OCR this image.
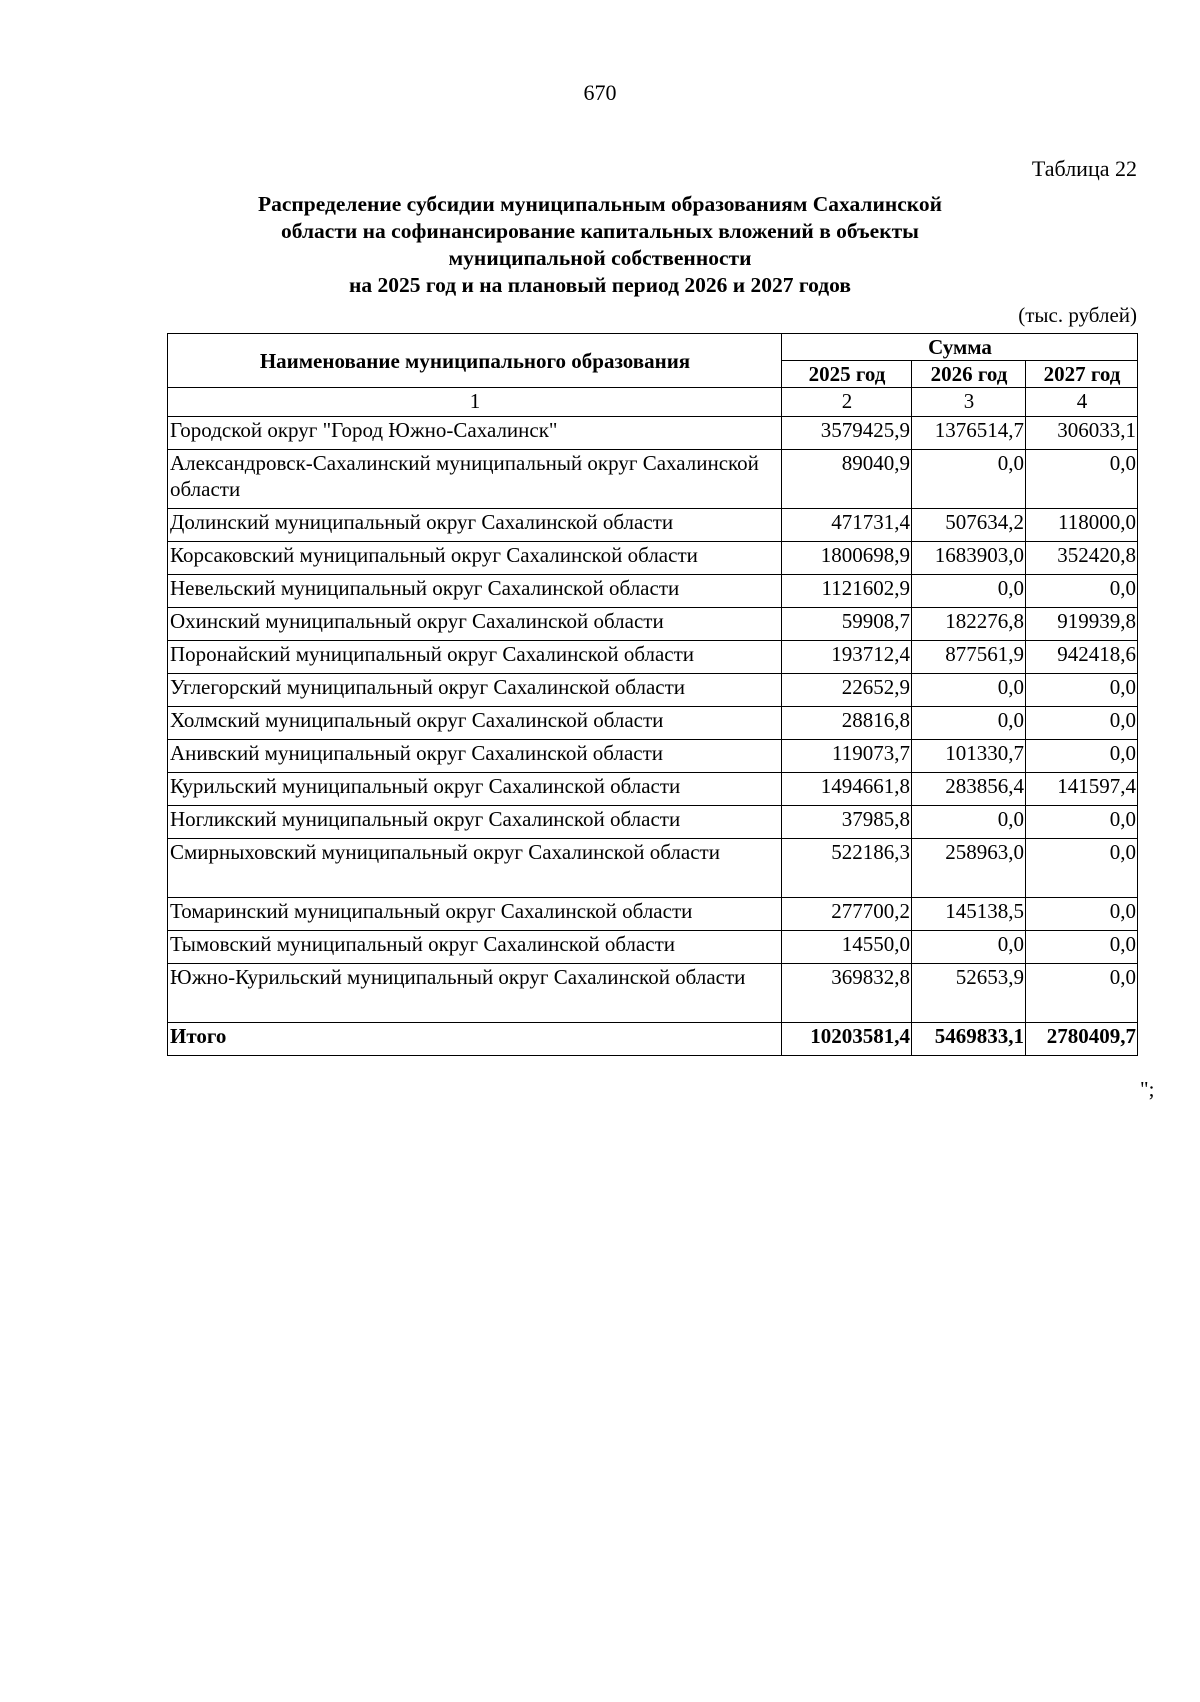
670
Таблица 22
Распределение субсидии муниципальным образованиям Сахалинской
области на софинансирование капитальных вложений в объекты
муниципальной собственности
на 2025 год и на плановый период 2026 и 2027 годов
(тыс. рублей)
Наименование муниципального образования	Сумма		
	2025 год	2026 год	2027 год
1	2	3	4
Городской округ "Город Южно-Сахалинск"	3579425,9	1376514,7	306033,1
Александровск-Сахалинский муниципальный округ Сахалинской области	89040,9	0,0	0,0
Долинский муниципальный округ Сахалинской области	471731,4	507634,2	118000,0
Корсаковский муниципальный округ Сахалинской области	1800698,9	1683903,0	352420,8
Невельский муниципальный округ Сахалинской области	1121602,9	0,0	0,0
Охинский муниципальный округ Сахалинской области	59908,7	182276,8	919939,8
Поронайский муниципальный округ Сахалинской области	193712,4	877561,9	942418,6
Углегорский муниципальный округ Сахалинской области	22652,9	0,0	0,0
Холмский муниципальный округ Сахалинской области	28816,8	0,0	0,0
Анивский муниципальный округ Сахалинской области	119073,7	101330,7	0,0
Курильский муниципальный округ Сахалинской области	1494661,8	283856,4	141597,4
Ногликский муниципальный округ Сахалинской области	37985,8	0,0	0,0
Смирныховский муниципальный округ Сахалинской области	522186,3	258963,0	0,0
Томаринский муниципальный округ Сахалинской области	277700,2	145138,5	0,0
Тымовский муниципальный округ Сахалинской области	14550,0	0,0	0,0
Южно-Курильский муниципальный округ Сахалинской области	369832,8	52653,9	0,0
Итого	10203581,4	5469833,1	2780409,7
";
